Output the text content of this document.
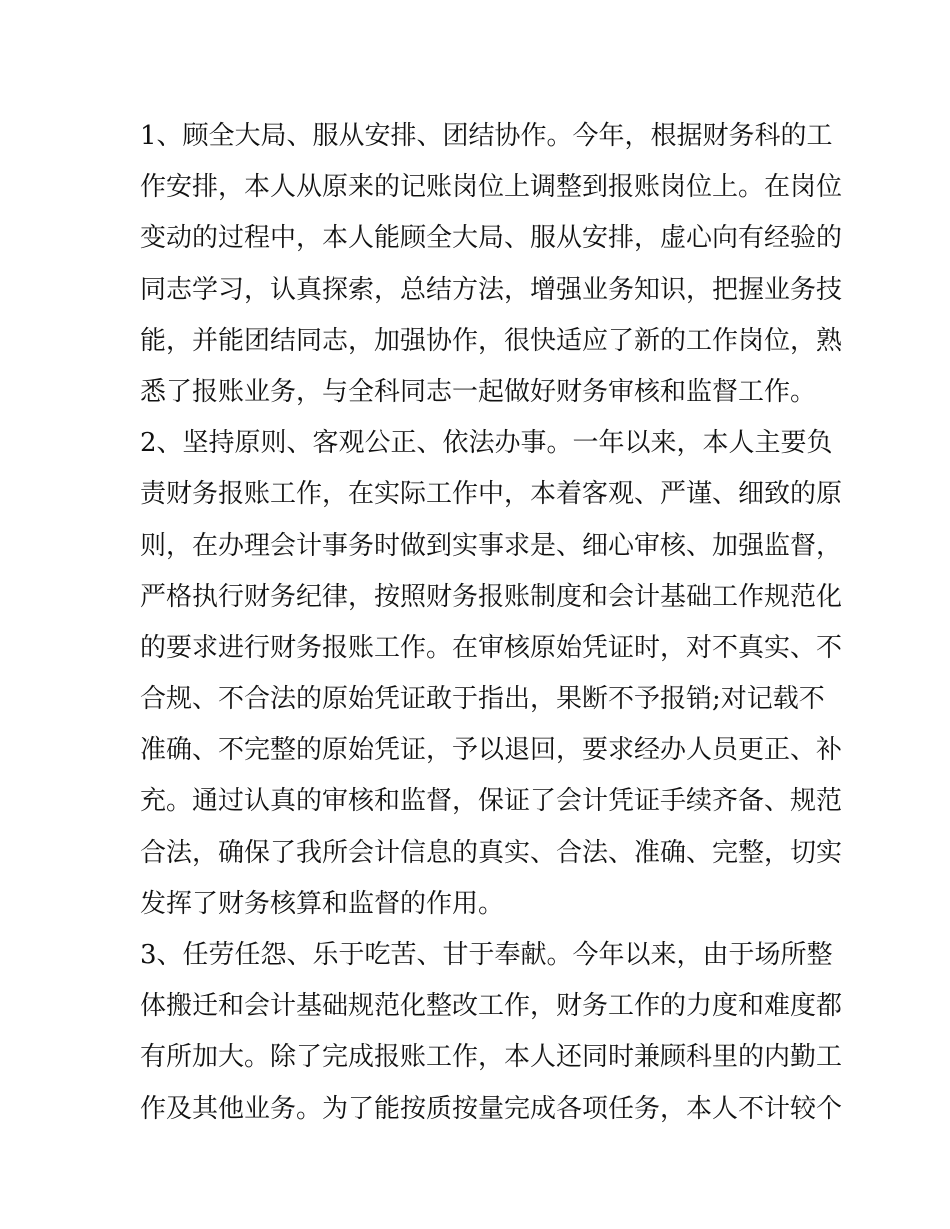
1、顾全大局、服从安排、团结协作。今年，根据财务科的工
作安排，本人从原来的记账岗位上调整到报账岗位上。在岗位
变动的过程中，本人能顾全大局、服从安排，虚心向有经验的
同志学习，认真探索，总结方法，增强业务知识，把握业务技
能，并能团结同志，加强协作，很快适应了新的工作岗位，熟
悉了报账业务，与全科同志一起做好财务审核和监督工作。
2、坚持原则、客观公正、依法办事。一年以来，本人主要负
责财务报账工作，在实际工作中，本着客观、严谨、细致的原
则，在办理会计事务时做到实事求是、细心审核、加强监督，
严格执行财务纪律，按照财务报账制度和会计基础工作规范化
的要求进行财务报账工作。在审核原始凭证时，对不真实、不
合规、不合法的原始凭证敢于指出，果断不予报销;对记载不
准确、不完整的原始凭证，予以退回，要求经办人员更正、补
充。通过认真的审核和监督，保证了会计凭证手续齐备、规范
合法，确保了我所会计信息的真实、合法、准确、完整，切实
发挥了财务核算和监督的作用。
3、任劳任怨、乐于吃苦、甘于奉献。今年以来，由于场所整
体搬迁和会计基础规范化整改工作，财务工作的力度和难度都
有所加大。除了完成报账工作，本人还同时兼顾科里的内勤工
作及其他业务。为了能按质按量完成各项任务，本人不计较个
